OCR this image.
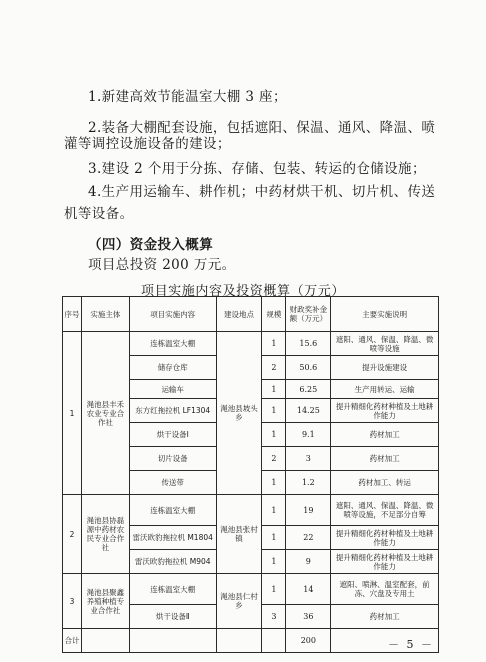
1.新建高效节能温室大棚 3 座；

2.装备大棚配套设施，包括遮阳、保温、通风、降温、喷

灌等调控设施设备的建设；

3.建设 2 个用于分拣、存储、包装、转运的仓储设施；

4.生产用运输车、耕作机；中药材烘干机、切片机、传送

机等设备。

（四）资金投入概算

项目总投资 200 万元。

项目实施内容及投资概算（万元）

序号	实施主体	项目实施内容	建设地点	规模	财政奖补金额（万元）	主要实施说明
1	渑池县丰禾农业专业合作社	连栋温室大棚	渑池县坡头乡	1	15.6	遮阳、通风、保温、降温、微喷等设施
		储存仓库		2	50.6	提升设施建设
		运输车		1	6.25	生产用转运、运输
		东方红拖拉机 LF1304		1	14.25	提升精细化药材种植及土地耕作能力
		烘干设备Ⅰ		1	9.1	药材加工
		切片设备		2	3	药材加工
		传送带		1	1.2	药材加工、转运
2	渑池县协磊源中药材农民专业合作社	连栋温室大棚	渑池县张村镇	1	19	遮阳、通风、保温、降温、微喷等设施，不足部分自筹
		雷沃欧豹拖拉机 M1804		1	22	提升精细化药材种植及土地耕作能力
		雷沃欧豹拖拉机 M904		1	9	提升精细化药材种植及土地耕作能力
3	渑池县聚鑫养殖种植专业合作社	连栋温室大棚	渑池县仁村乡	1	14	遮阳、喷淋、温室配套，前冻、穴盘及专用土
		烘干设备Ⅱ		3	36	药材加工
合计					200		－ 5 －
